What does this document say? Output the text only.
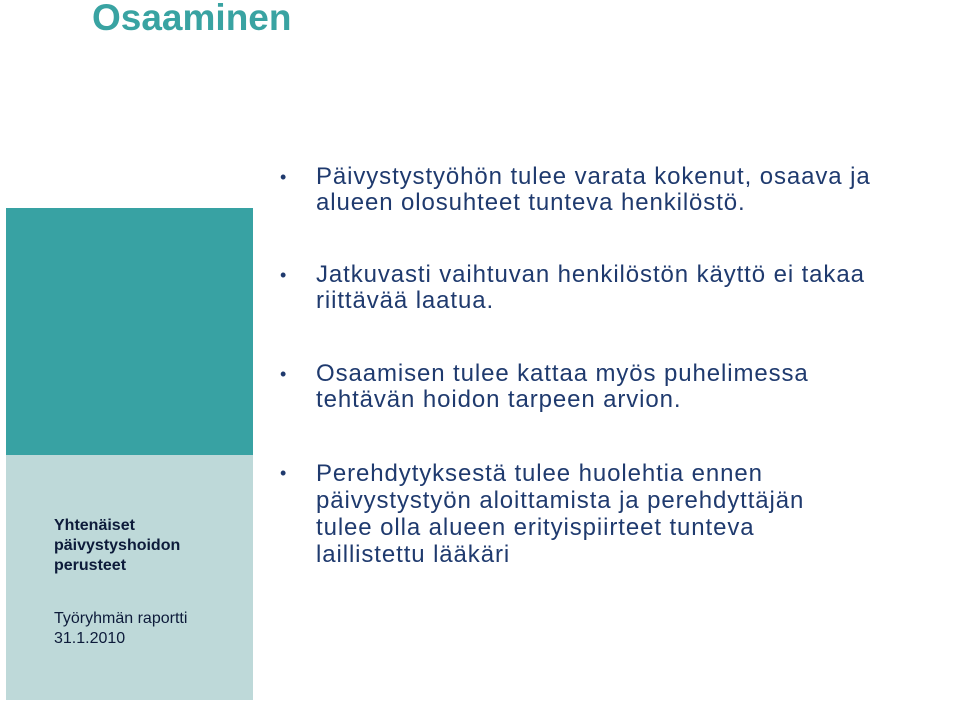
Osaaminen
Yhtenäiset
päivystyshoidon
perusteet
Työryhmän raportti
31.1.2010
• Päivystystyöhön tulee varata kokenut, osaava ja
alueen olosuhteet tunteva henkilöstö.
• Jatkuvasti vaihtuvan henkilöstön käyttö ei takaa
riittävää laatua.
• Osaamisen tulee kattaa myös puhelimessa
tehtävän hoidon tarpeen arvion.
• Perehdytyksestä tulee huolehtia ennen
päivystystyön aloittamista ja perehdyttäjän
tulee olla alueen erityispiirteet tunteva
laillistettu lääkäri
